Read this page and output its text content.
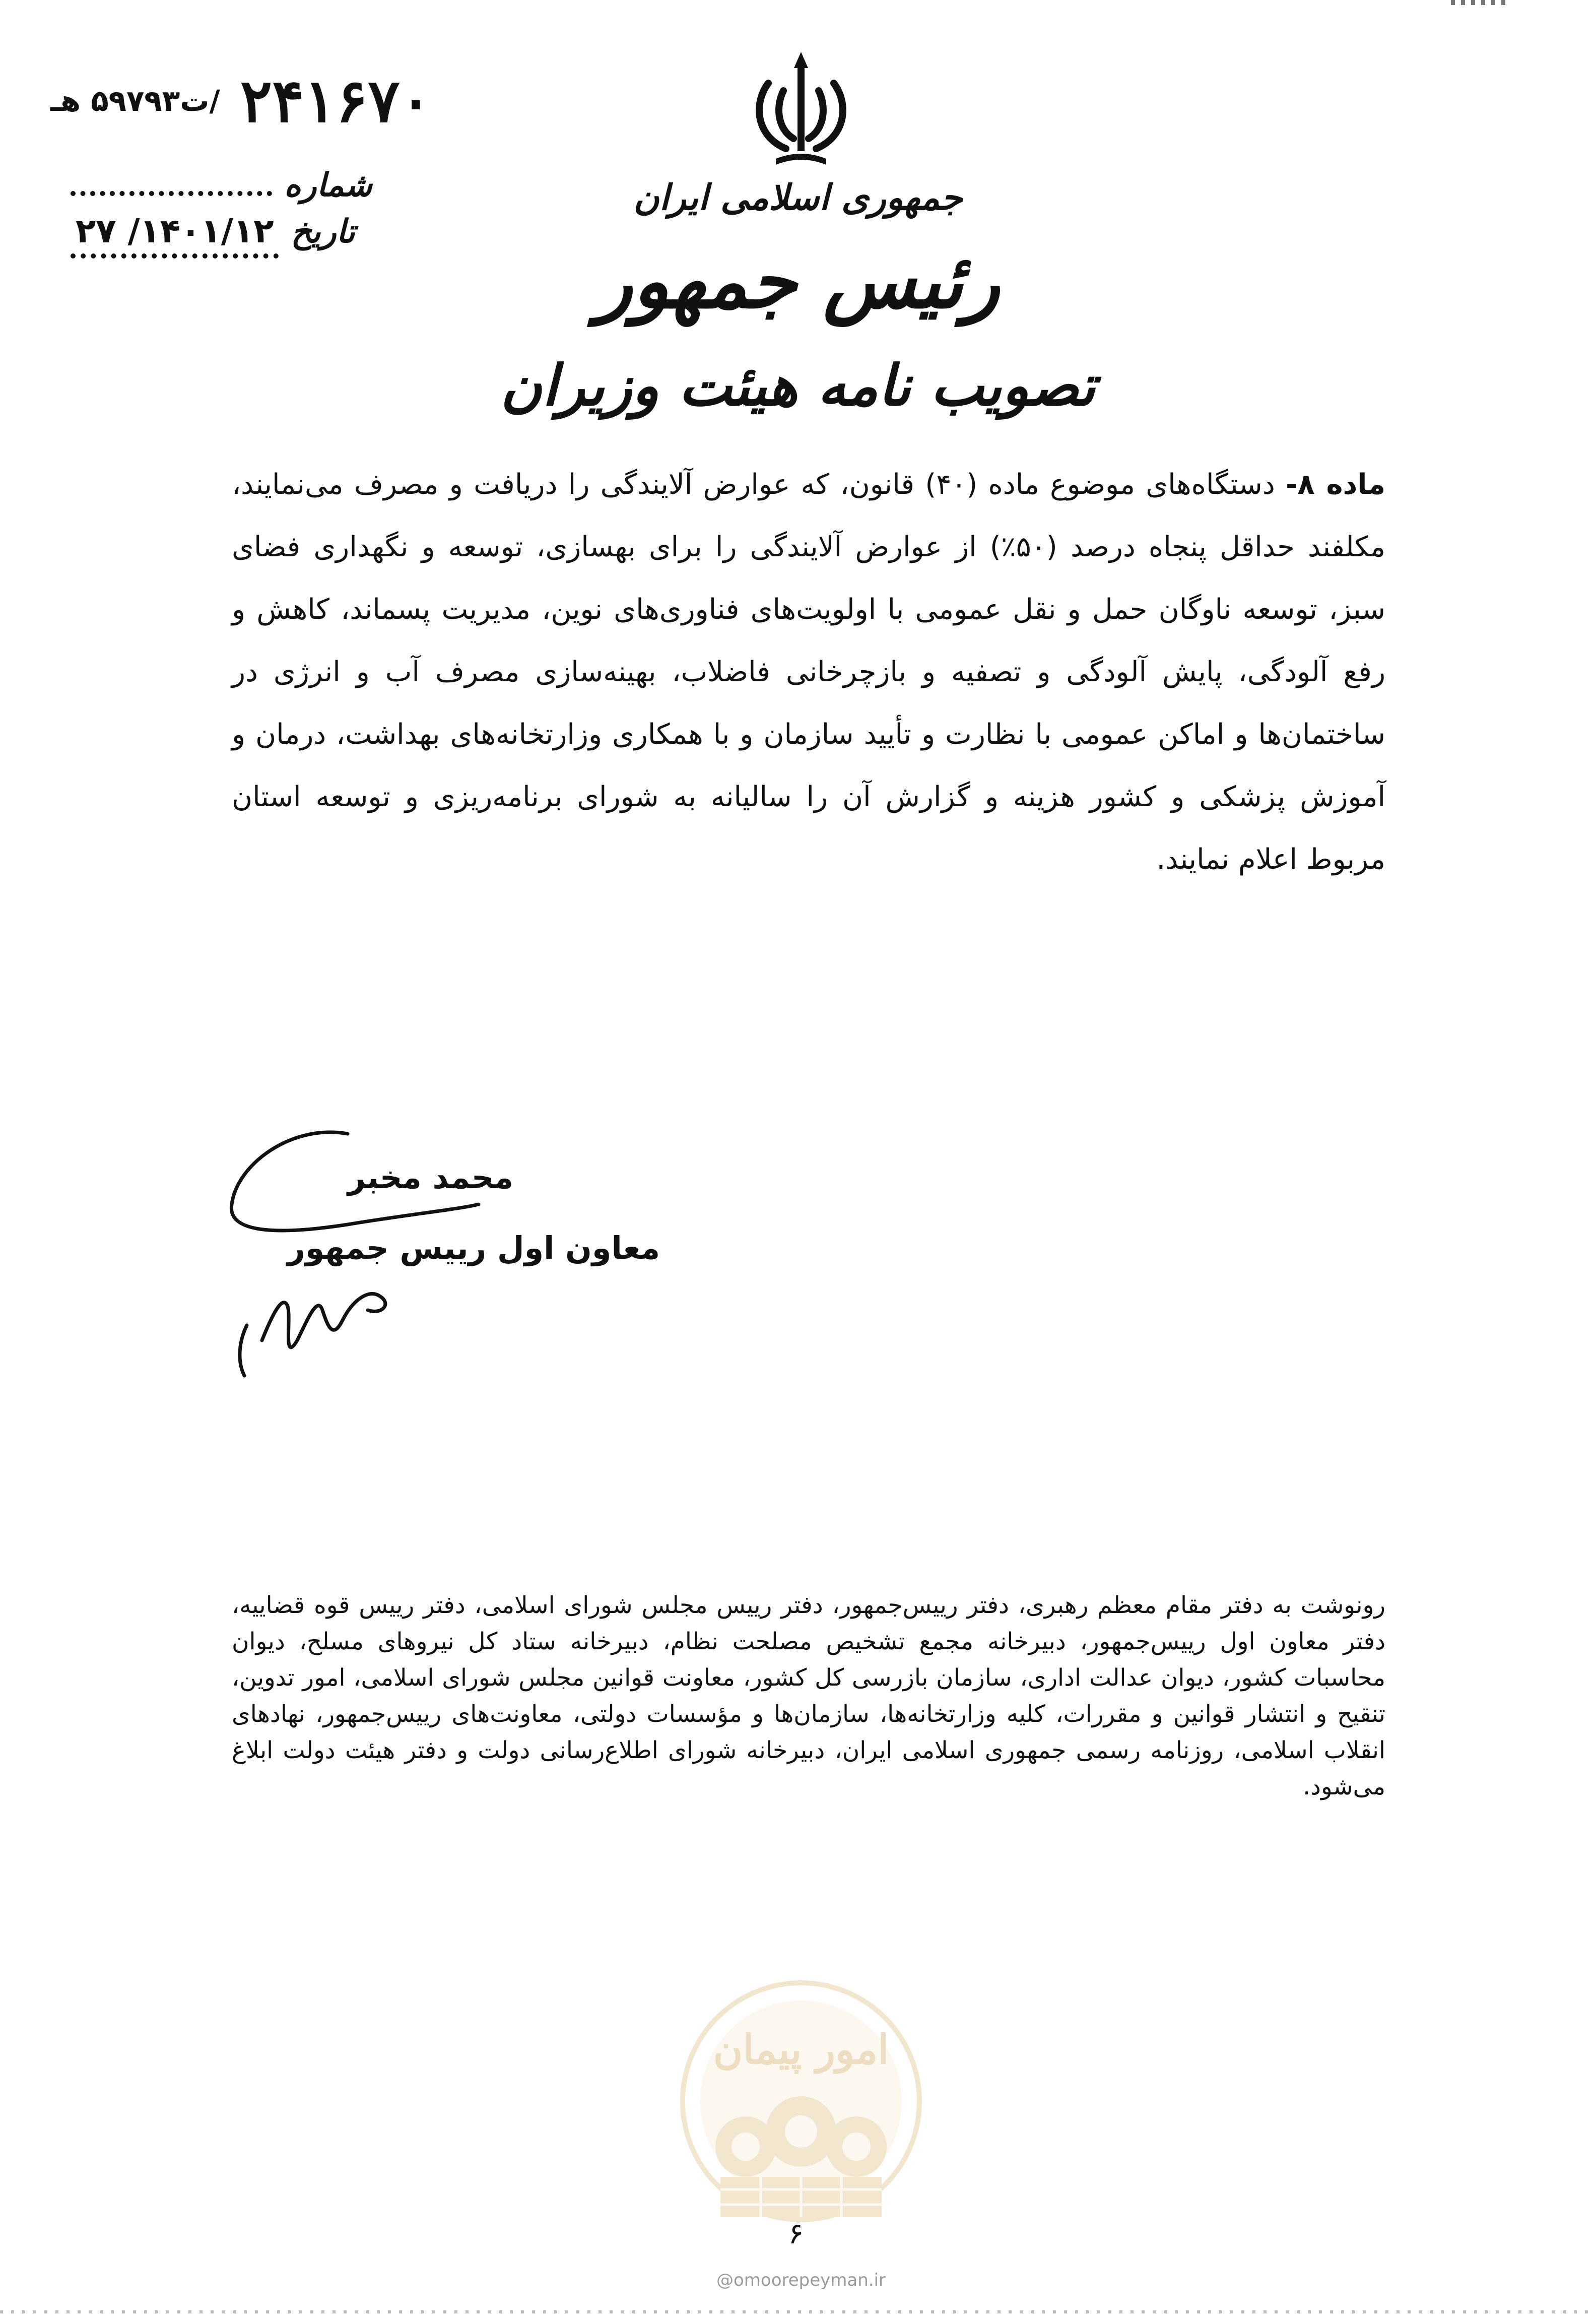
۲۴۱۶۷۰
/ت۵۹۷۹۳ هـ
شماره
تاریخ
۱۴۰۱/۱۲/ ۲۷
جمهوری اسلامی ایران
رئیس جمهور
تصویب نامه هیئت وزیران
ماده ۸- دستگاه‌های موضوع ماده (۴۰) قانون، که عوارض آلایندگی را دریافت و مصرف می‌نمایند، مکلفند حداقل پنجاه درصد (۵۰٪) از عوارض آلایندگی را برای بهسازی، توسعه و نگهداری فضای سبز، توسعه ناوگان حمل و نقل عمومی با اولویت‌های فناوری‌های نوین، مدیریت پسماند، کاهش و رفع آلودگی، پایش آلودگی و تصفیه و بازچرخانی فاضلاب، بهینه‌سازی مصرف آب و انرژی در ساختمان‌ها و اماکن عمومی با نظارت و تأیید سازمان و با همکاری وزارتخانه‌های بهداشت، درمان و آموزش پزشکی و کشور هزینه و گزارش آن را سالیانه به شورای برنامه‌ریزی و توسعه استان مربوط اعلام نمایند.
محمد مخبر
معاون اول رییس جمهور
رونوشت به دفتر مقام معظم رهبری، دفتر رییس‌جمهور، دفتر رییس مجلس شورای اسلامی، دفتر رییس قوه قضاییه، دفتر معاون اول رییس‌جمهور، دبیرخانه مجمع تشخیص مصلحت نظام، دبیرخانه ستاد کل نیروهای مسلح، دیوان محاسبات کشور، دیوان عدالت اداری، سازمان بازرسی کل کشور، معاونت قوانین مجلس شورای اسلامی، امور تدوین، تنقیح و انتشار قوانین و مقررات، کلیه وزارتخانه‌ها، سازمان‌ها و مؤسسات دولتی، معاونت‌های رییس‌جمهور، نهادهای انقلاب اسلامی، روزنامه رسمی جمهوری اسلامی ایران، دبیرخانه شورای اطلاع‌رسانی دولت و دفتر هیئت دولت ابلاغ می‌شود.
امور پیمان
۶
@omoorepeyman.ir
